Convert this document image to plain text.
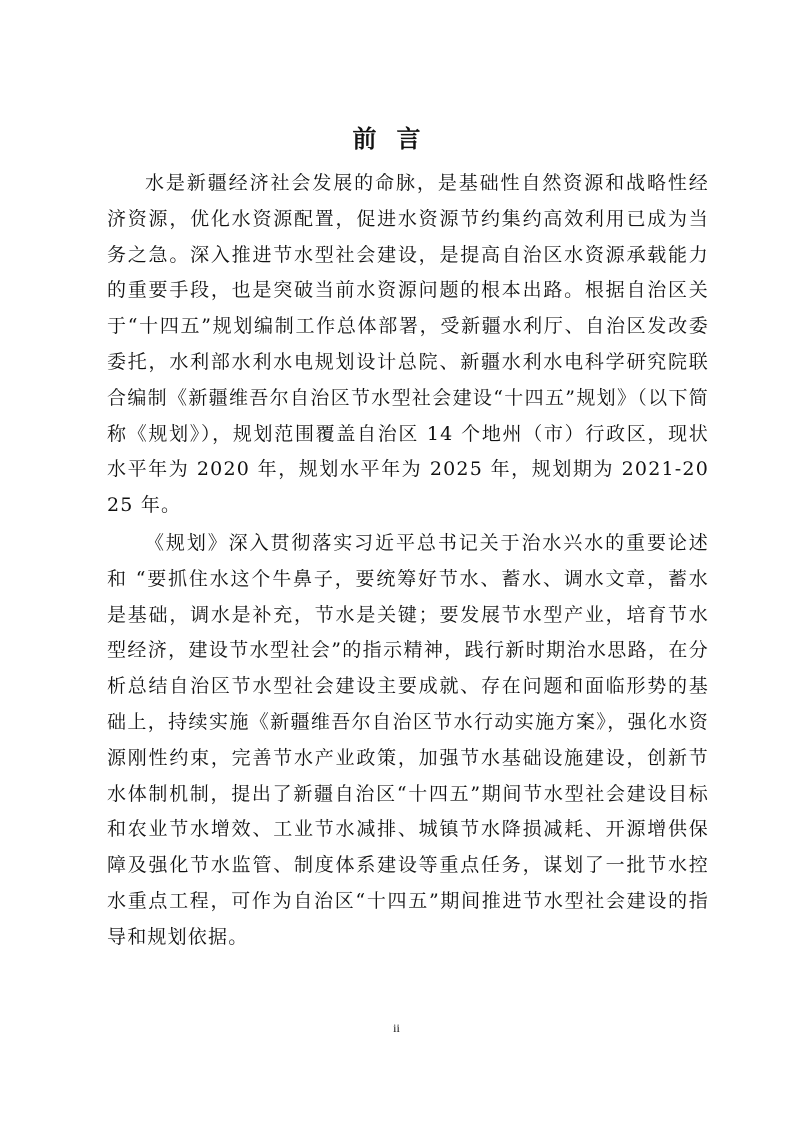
前言

水是新疆经济社会发展的命脉，是基础性自然资源和战略性经济资源，优化水资源配置，促进水资源节约集约高效利用已成为当务之急。深入推进节水型社会建设，是提高自治区水资源承载能力的重要手段，也是突破当前水资源问题的根本出路。根据自治区关于“十四五”规划编制工作总体部署，受新疆水利厅、自治区发改委委托，水利部水利水电规划设计总院、新疆水利水电科学研究院联合编制《新疆维吾尔自治区节水型社会建设“十四五”规划》（以下简称《规划》），规划范围覆盖自治区 14 个地州（市）行政区，现状水平年为 2020 年，规划水平年为 2025 年，规划期为 2021-2025 年。

《规划》深入贯彻落实习近平总书记关于治水兴水的重要论述和 “要抓住水这个牛鼻子，要统筹好节水、蓄水、调水文章，蓄水是基础，调水是补充，节水是关键；要发展节水型产业，培育节水型经济，建设节水型社会”的指示精神，践行新时期治水思路，在分析总结自治区节水型社会建设主要成就、存在问题和面临形势的基础上，持续实施《新疆维吾尔自治区节水行动实施方案》，强化水资源刚性约束，完善节水产业政策，加强节水基础设施建设，创新节水体制机制，提出了新疆自治区“十四五”期间节水型社会建设目标和农业节水增效、工业节水减排、城镇节水降损减耗、开源增供保障及强化节水监管、制度体系建设等重点任务，谋划了一批节水控水重点工程，可作为自治区“十四五”期间推进节水型社会建设的指导和规划依据。

ii
